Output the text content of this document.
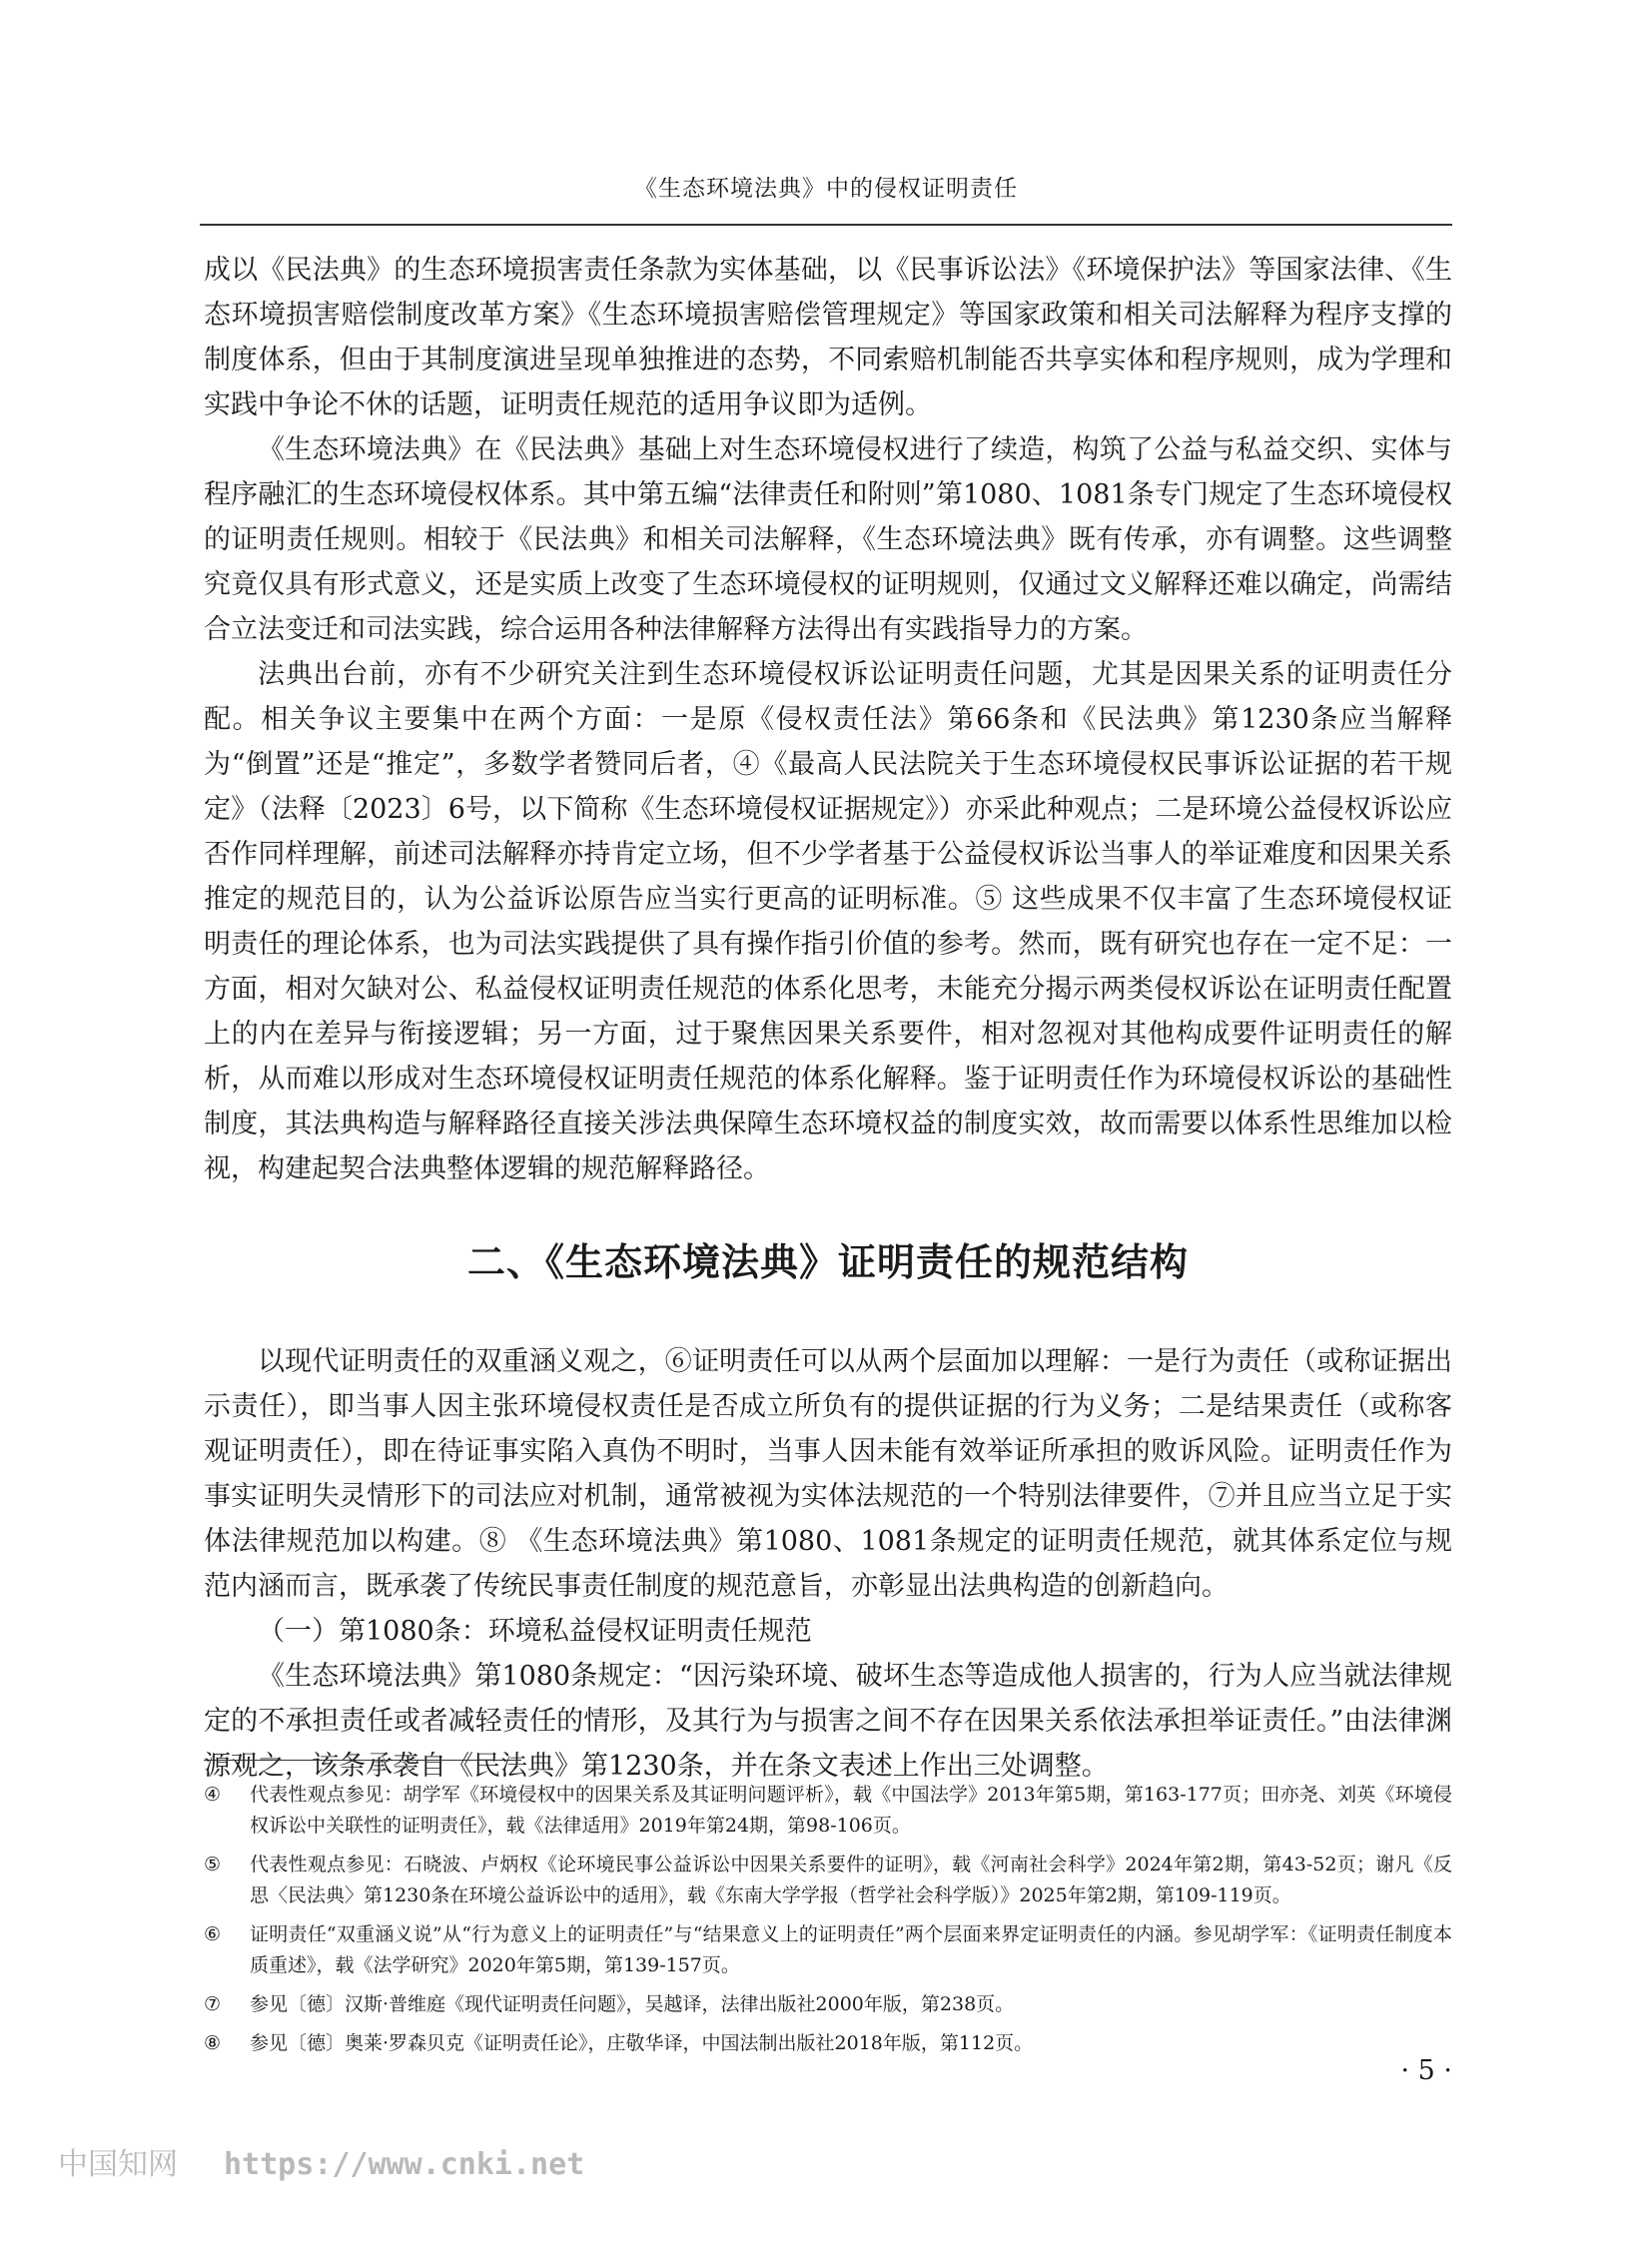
《生态环境法典》中的侵权证明责任

成以《民法典》的生态环境损害责任条款为实体基础，以《民事诉讼法》《环境保护法》等国家法律、《生态环境损害赔偿制度改革方案》《生态环境损害赔偿管理规定》等国家政策和相关司法解释为程序支撑的制度体系，但由于其制度演进呈现单独推进的态势，不同索赔机制能否共享实体和程序规则，成为学理和实践中争论不休的话题，证明责任规范的适用争议即为适例。

《生态环境法典》在《民法典》基础上对生态环境侵权进行了续造，构筑了公益与私益交织、实体与程序融汇的生态环境侵权体系。其中第五编“法律责任和附则”第1080、1081条专门规定了生态环境侵权的证明责任规则。相较于《民法典》和相关司法解释，《生态环境法典》既有传承，亦有调整。这些调整究竟仅具有形式意义，还是实质上改变了生态环境侵权的证明规则，仅通过文义解释还难以确定，尚需结合立法变迁和司法实践，综合运用各种法律解释方法得出有实践指导力的方案。

法典出台前，亦有不少研究关注到生态环境侵权诉讼证明责任问题，尤其是因果关系的证明责任分配。相关争议主要集中在两个方面：一是原《侵权责任法》第66条和《民法典》第1230条应当解释为“倒置”还是“推定”，多数学者赞同后者，④《最高人民法院关于生态环境侵权民事诉讼证据的若干规定》（法释〔2023〕6号，以下简称《生态环境侵权证据规定》）亦采此种观点；二是环境公益侵权诉讼应否作同样理解，前述司法解释亦持肯定立场，但不少学者基于公益侵权诉讼当事人的举证难度和因果关系推定的规范目的，认为公益诉讼原告应当实行更高的证明标准。⑤ 这些成果不仅丰富了生态环境侵权证明责任的理论体系，也为司法实践提供了具有操作指引价值的参考。然而，既有研究也存在一定不足：一方面，相对欠缺对公、私益侵权证明责任规范的体系化思考，未能充分揭示两类侵权诉讼在证明责任配置上的内在差异与衔接逻辑；另一方面，过于聚焦因果关系要件，相对忽视对其他构成要件证明责任的解析，从而难以形成对生态环境侵权证明责任规范的体系化解释。鉴于证明责任作为环境侵权诉讼的基础性制度，其法典构造与解释路径直接关涉法典保障生态环境权益的制度实效，故而需要以体系性思维加以检视，构建起契合法典整体逻辑的规范解释路径。

二、《生态环境法典》证明责任的规范结构

以现代证明责任的双重涵义观之，⑥证明责任可以从两个层面加以理解：一是行为责任（或称证据出示责任），即当事人因主张环境侵权责任是否成立所负有的提供证据的行为义务；二是结果责任（或称客观证明责任），即在待证事实陷入真伪不明时，当事人因未能有效举证所承担的败诉风险。证明责任作为事实证明失灵情形下的司法应对机制，通常被视为实体法规范的一个特别法律要件，⑦并且应当立足于实体法律规范加以构建。⑧ 《生态环境法典》第1080、1081条规定的证明责任规范，就其体系定位与规范内涵而言，既承袭了传统民事责任制度的规范意旨，亦彰显出法典构造的创新趋向。

（一）第1080条：环境私益侵权证明责任规范

《生态环境法典》第1080条规定：“因污染环境、破坏生态等造成他人损害的，行为人应当就法律规定的不承担责任或者减轻责任的情形，及其行为与损害之间不存在因果关系依法承担举证责任。”由法律渊源观之，该条承袭自《民法典》第1230条，并在条文表述上作出三处调整。

④	代表性观点参见：胡学军《环境侵权中的因果关系及其证明问题评析》，载《中国法学》2013年第5期，第163-177页；田亦尧、刘英《环境侵权诉讼中关联性的证明责任》，载《法律适用》2019年第24期，第98-106页。
⑤	代表性观点参见：石晓波、卢炳权《论环境民事公益诉讼中因果关系要件的证明》，载《河南社会科学》2024年第2期，第43-52页；谢凡《反思〈民法典〉第1230条在环境公益诉讼中的适用》，载《东南大学学报（哲学社会科学版）》2025年第2期，第109-119页。
⑥	证明责任“双重涵义说”从“行为意义上的证明责任”与“结果意义上的证明责任”两个层面来界定证明责任的内涵。参见胡学军：《证明责任制度本质重述》，载《法学研究》2020年第5期，第139-157页。
⑦	参见〔德〕汉斯·普维庭《现代证明责任问题》，吴越译，法律出版社2000年版，第238页。
⑧	参见〔德〕奥莱·罗森贝克《证明责任论》，庄敬华译，中国法制出版社2018年版，第112页。
· 5 ·
中国知网 https://www.cnki.net
